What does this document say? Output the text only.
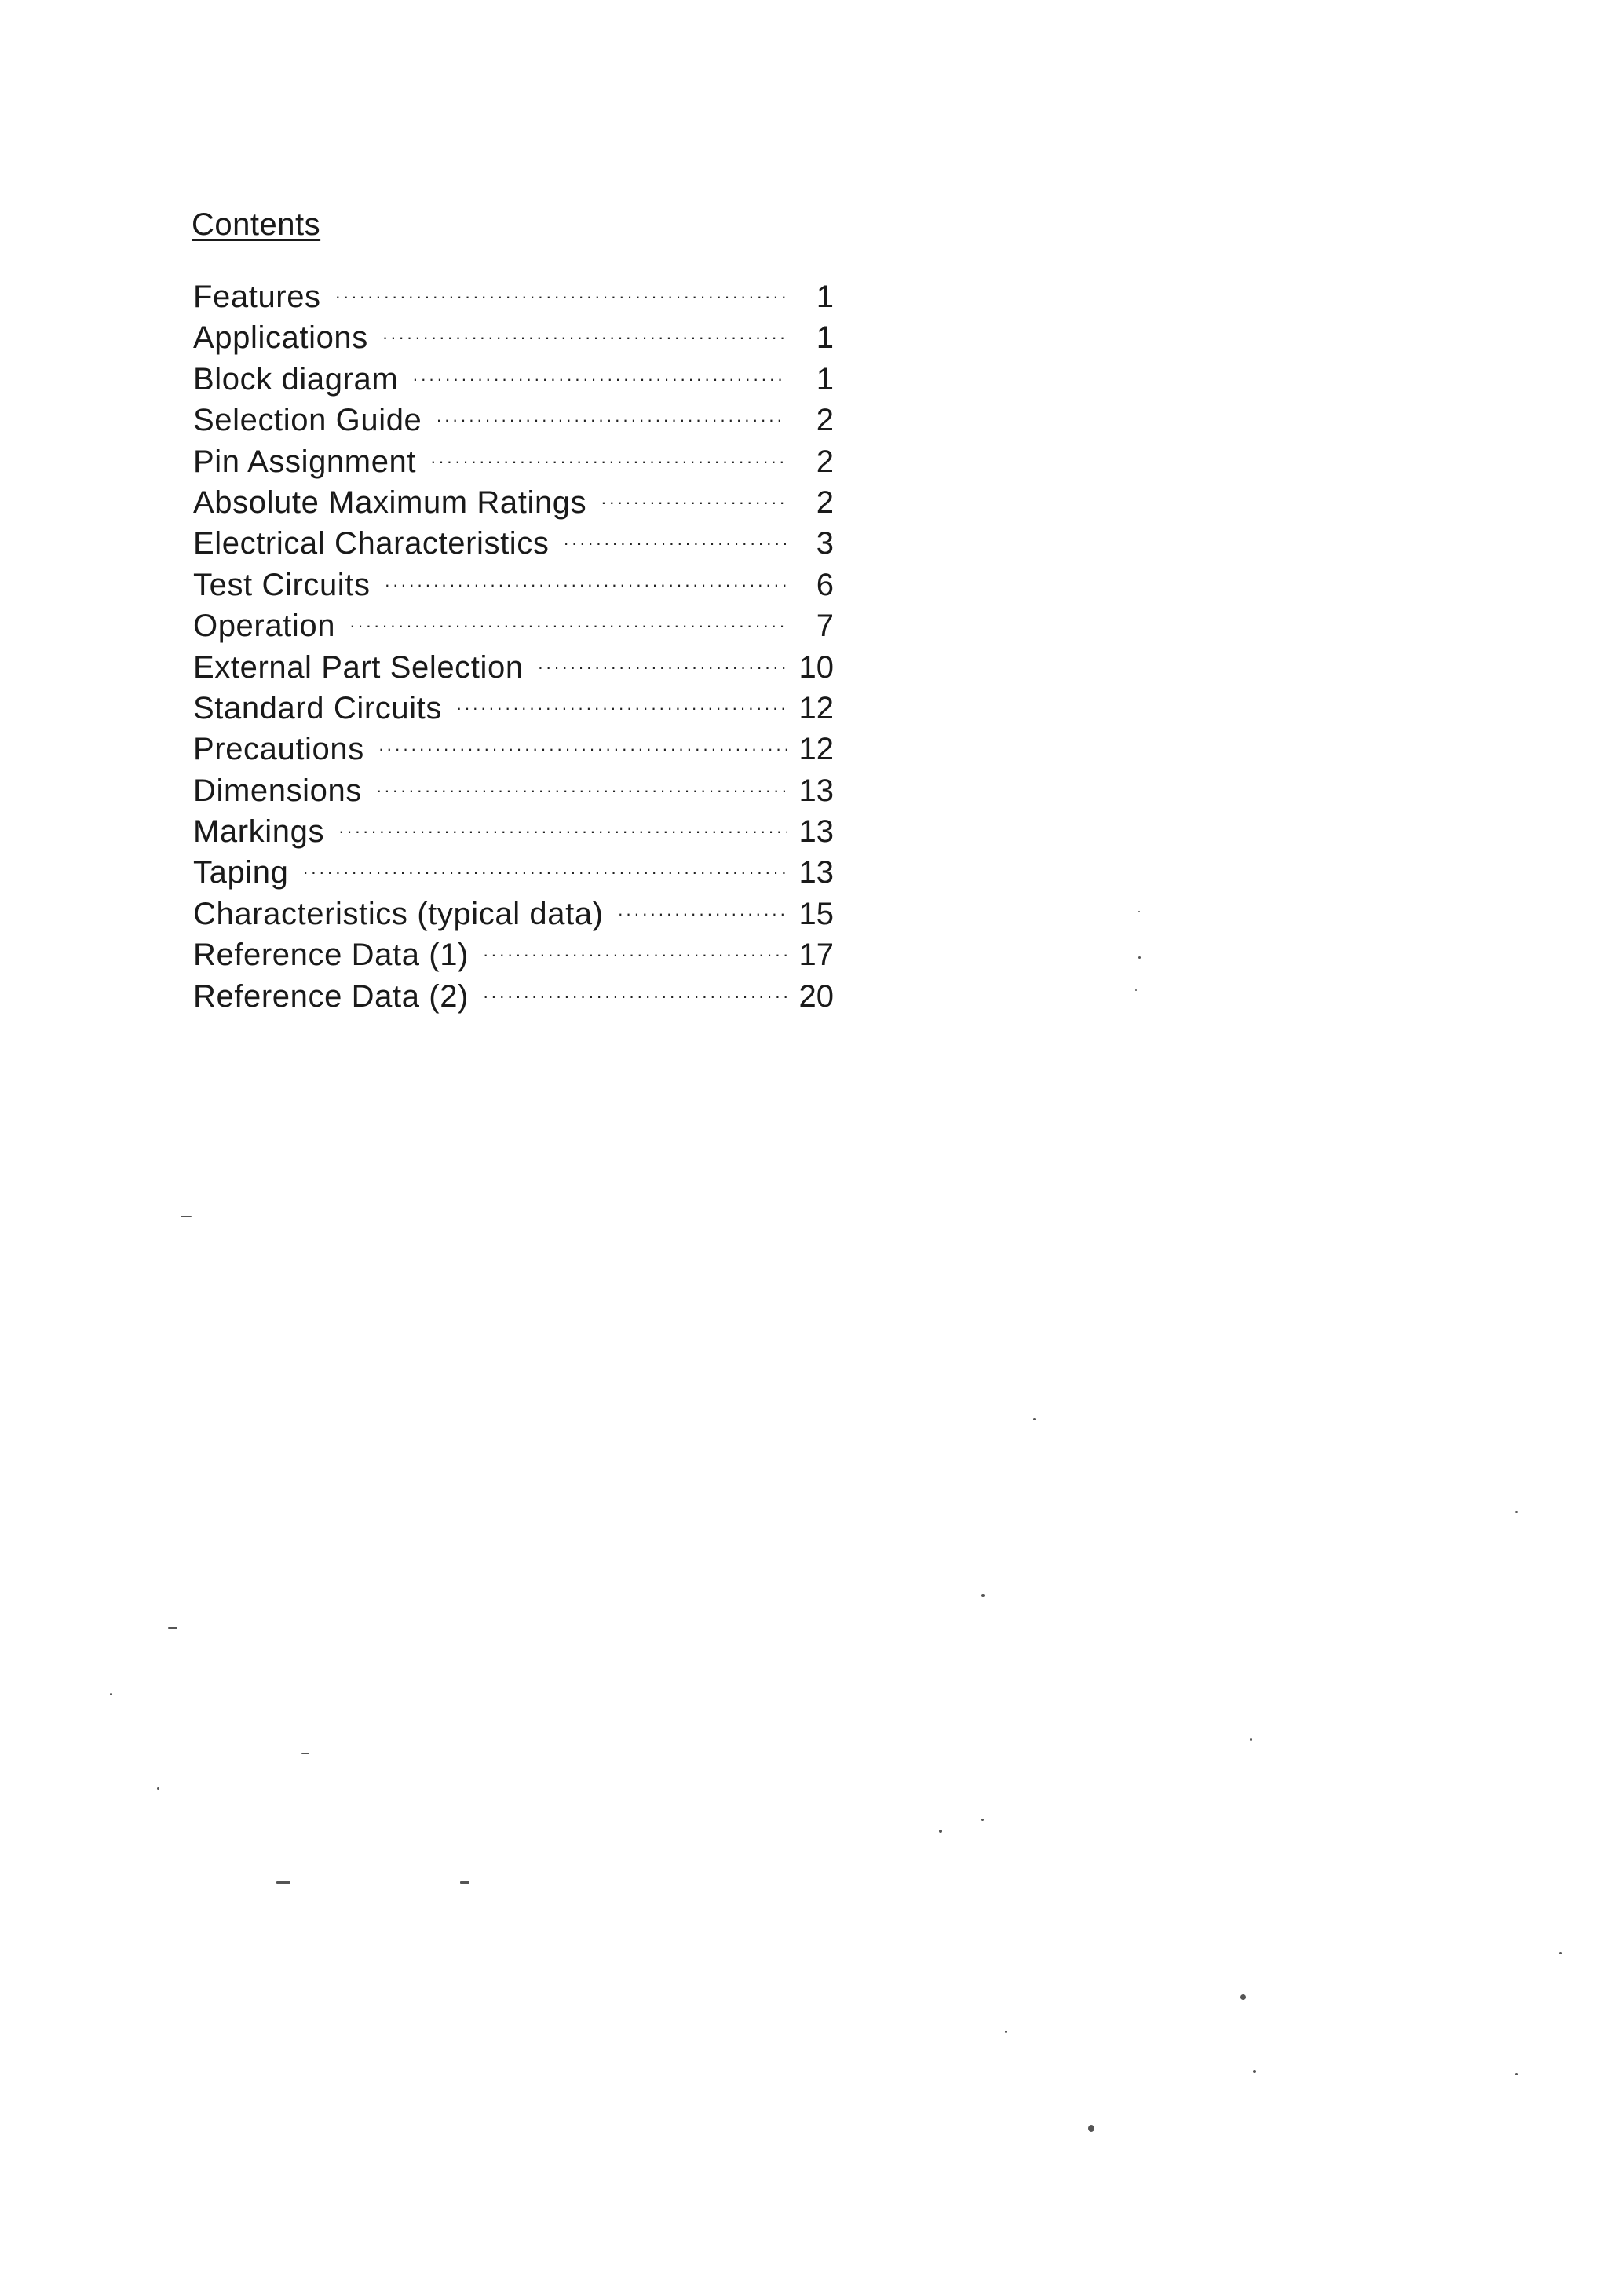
Contents
Features ·····	1
Applications ·····	1
Block diagram ·····	1
Selection Guide ·····	2
Pin Assignment ·····	2
Absolute Maximum Ratings ·····	2
Electrical Characteristics ·····	3
Test Circuits ·····	6
Operation ·····	7
External Part Selection ·····	10
Standard Circuits ·····	12
Precautions ·····	12
Dimensions ·····	13
Markings ·····	13
Taping ·····	13
Characteristics (typical data) ·····	15
Reference Data (1) ·····	17
Reference Data (2) ·····	20
